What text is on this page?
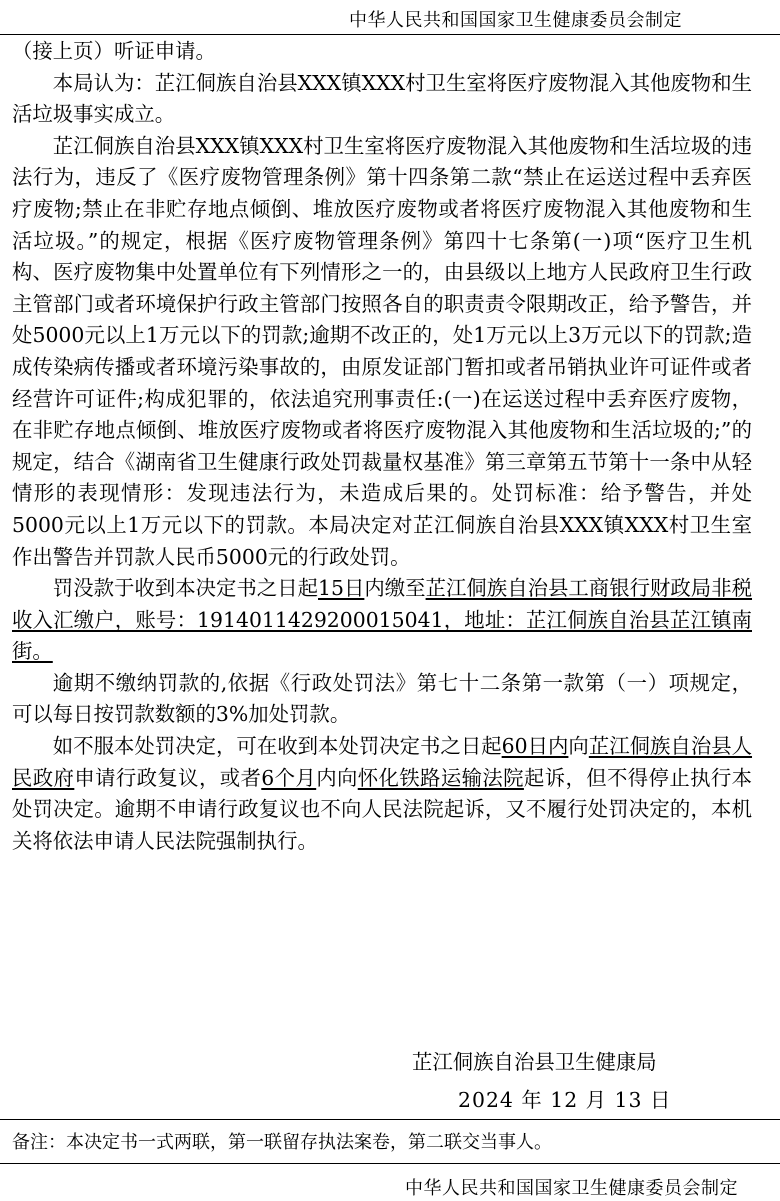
中华人民共和国国家卫生健康委员会制定

（接上页）听证申请。

本局认为：芷江侗族自治县XXX镇XXX村卫生室将医疗废物混入其他废物和生活垃圾事实成立。

芷江侗族自治县XXX镇XXX村卫生室将医疗废物混入其他废物和生活垃圾的违法行为，违反了《医疗废物管理条例》第十四条第二款“禁止在运送过程中丢弃医疗废物;禁止在非贮存地点倾倒、堆放医疗废物或者将医疗废物混入其他废物和生活垃圾。”的规定，根据《医疗废物管理条例》第四十七条第(一)项“医疗卫生机构、医疗废物集中处置单位有下列情形之一的，由县级以上地方人民政府卫生行政主管部门或者环境保护行政主管部门按照各自的职责责令限期改正，给予警告，并处5000元以上1万元以下的罚款;逾期不改正的，处1万元以上3万元以下的罚款;造成传染病传播或者环境污染事故的，由原发证部门暂扣或者吊销执业许可证件或者经营许可证件;构成犯罪的，依法追究刑事责任:(一)在运送过程中丢弃医疗废物，在非贮存地点倾倒、堆放医疗废物或者将医疗废物混入其他废物和生活垃圾的;”的规定，结合《湖南省卫生健康行政处罚裁量权基准》第三章第五节第十一条中从轻情形的表现情形：发现违法行为，未造成后果的。处罚标准：给予警告，并处5000元以上1万元以下的罚款。本局决定对芷江侗族自治县XXX镇XXX村卫生室作出警告并罚款人民币5000元的行政处罚。

罚没款于收到本决定书之日起15日内缴至芷江侗族自治县工商银行财政局非税收入汇缴户，账号：1914011429200015041，地址：芷江侗族自治县芷江镇南街。

逾期不缴纳罚款的,依据《行政处罚法》第七十二条第一款第（一）项规定，可以每日按罚款数额的3%加处罚款。

如不服本处罚决定，可在收到本处罚决定书之日起60日内向芷江侗族自治县人民政府申请行政复议，或者6个月内向怀化铁路运输法院起诉，但不得停止执行本处罚决定。逾期不申请行政复议也不向人民法院起诉，又不履行处罚决定的，本机关将依法申请人民法院强制执行。

芷江侗族自治县卫生健康局
2024 年 12 月 13 日
备注：本决定书一式两联，第一联留存执法案卷，第二联交当事人。
中华人民共和国国家卫生健康委员会制定
